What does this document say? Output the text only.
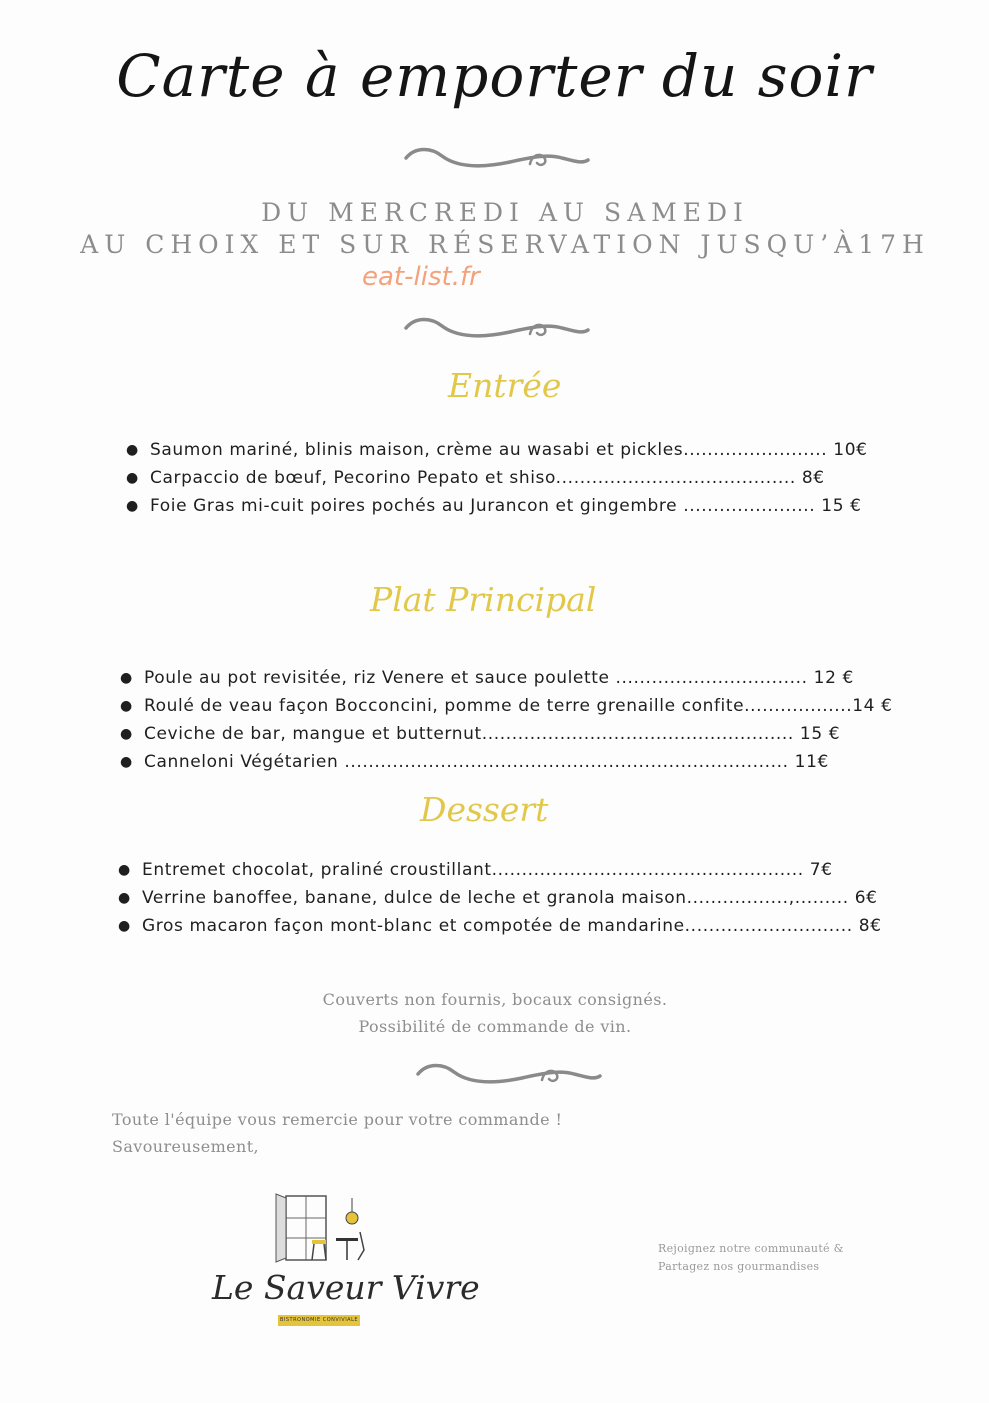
Carte à emporter du soir
DU MERCREDI AU SAMEDI
AU CHOIX ET SUR RÉSERVATION JUSQU’À17H
eat-list.fr
Entrée
● Saumon mariné, blinis maison, crème au wasabi et pickles........................ 10€
● Carpaccio de bœuf, Pecorino Pepato et shiso........................................ 8€
● Foie Gras mi-cuit poires pochés au Jurancon et gingembre ...................... 15 €
Plat Principal
● Poule au pot revisitée, riz Venere et sauce poulette ................................ 12 €
● Roulé de veau façon Bocconcini, pomme de terre grenaille confite..................14 €
● Ceviche de bar, mangue et butternut.................................................... 15 €
● Canneloni Végétarien .......................................................................... 11€
Dessert
● Entremet chocolat, praliné croustillant.................................................... 7€
● Verrine banoffee, banane, dulce de leche et granola maison.................,......... 6€
● Gros macaron façon mont-blanc et compotée de mandarine............................ 8€
Couverts non fournis, bocaux consignés.
Possibilité de commande de vin.
Toute l'équipe vous remercie pour votre commande !
Savoureusement,
Le Saveur Vivre
BISTRONOMIE CONVIVIALE
Rejoignez notre communauté &
Partagez nos gourmandises
